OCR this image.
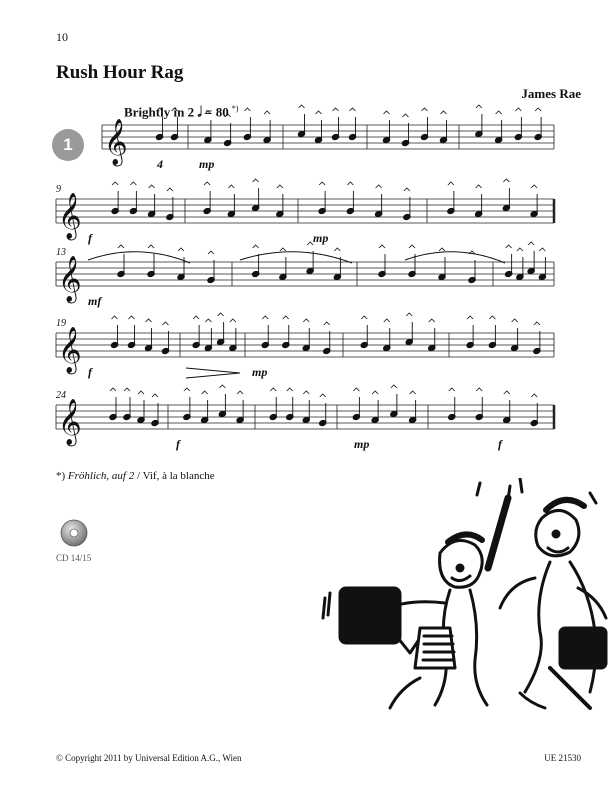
10
Rush Hour Rag
James Rae
Brightly in 2 𝅗𝅥 = 80 *)
1 𝄞
𝄞
𝄞
𝄞
𝄞
4	mp
9
f	mp
13
mf
19
f	mp
24
f	mp	f
*) Fröhlich, auf 2 / Vif, à la blanche
CD 14/15
© Copyright 2011 by Universal Edition A.G., Wien	UE 21530
